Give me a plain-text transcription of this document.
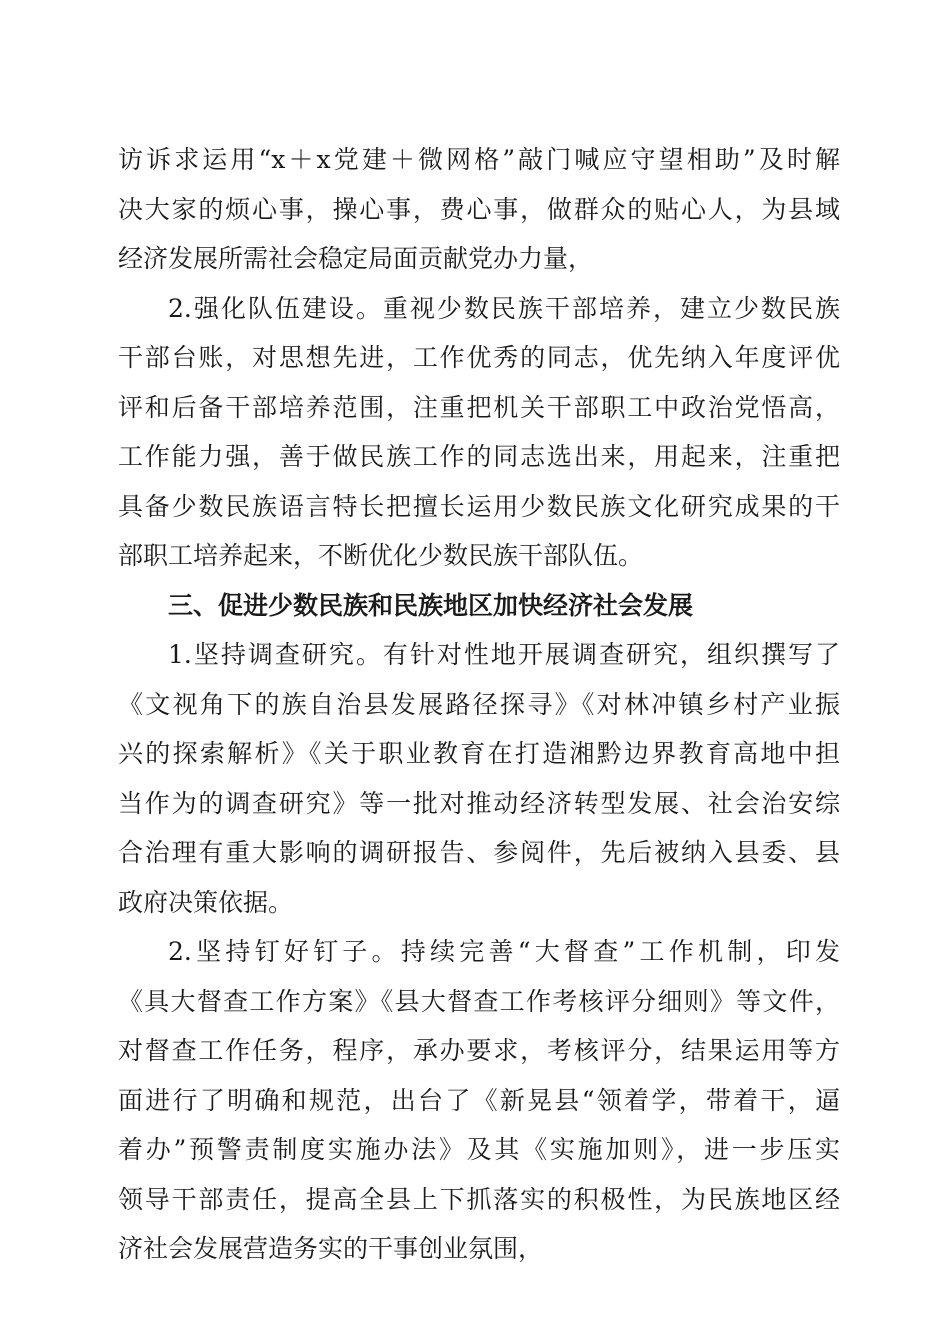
访诉求运用“x＋x党建＋微网格”敲门喊应守望相助”及时解
决大家的烦心事，操心事，费心事，做群众的贴心人，为县域
经济发展所需社会稳定局面贡献党办力量，
2.强化队伍建设。重视少数民族干部培养，建立少数民族
干部台账，对思想先进，工作优秀的同志，优先纳入年度评优
评和后备干部培养范围，注重把机关干部职工中政治党悟高，
工作能力强，善于做民族工作的同志选出来，用起来，注重把
具备少数民族语言特长把擅长运用少数民族文化研究成果的干
部职工培养起来，不断优化少数民族干部队伍。
三、促进少数民族和民族地区加快经济社会发展
1.坚持调查研究。有针对性地开展调查研究，组织撰写了
《文视角下的族自治县发展路径探寻》《对林冲镇乡村产业振
兴的探索解析》《关于职业教育在打造湘黔边界教育高地中担
当作为的调查研究》等一批对推动经济转型发展、社会治安综
合治理有重大影响的调研报告、参阅件，先后被纳入县委、县
政府决策依据。
2.坚持钉好钉子。持续完善“大督查”工作机制，印发
《具大督查工作方案》《县大督查工作考核评分细则》等文件，
对督查工作任务，程序，承办要求，考核评分，结果运用等方
面进行了明确和规范，出台了《新晃县“领着学，带着干，逼
着办”预警责制度实施办法》及其《实施加则》，进一步压实
领导干部责任，提高全县上下抓落实的积极性，为民族地区经
济社会发展营造务实的干事创业氛围，
